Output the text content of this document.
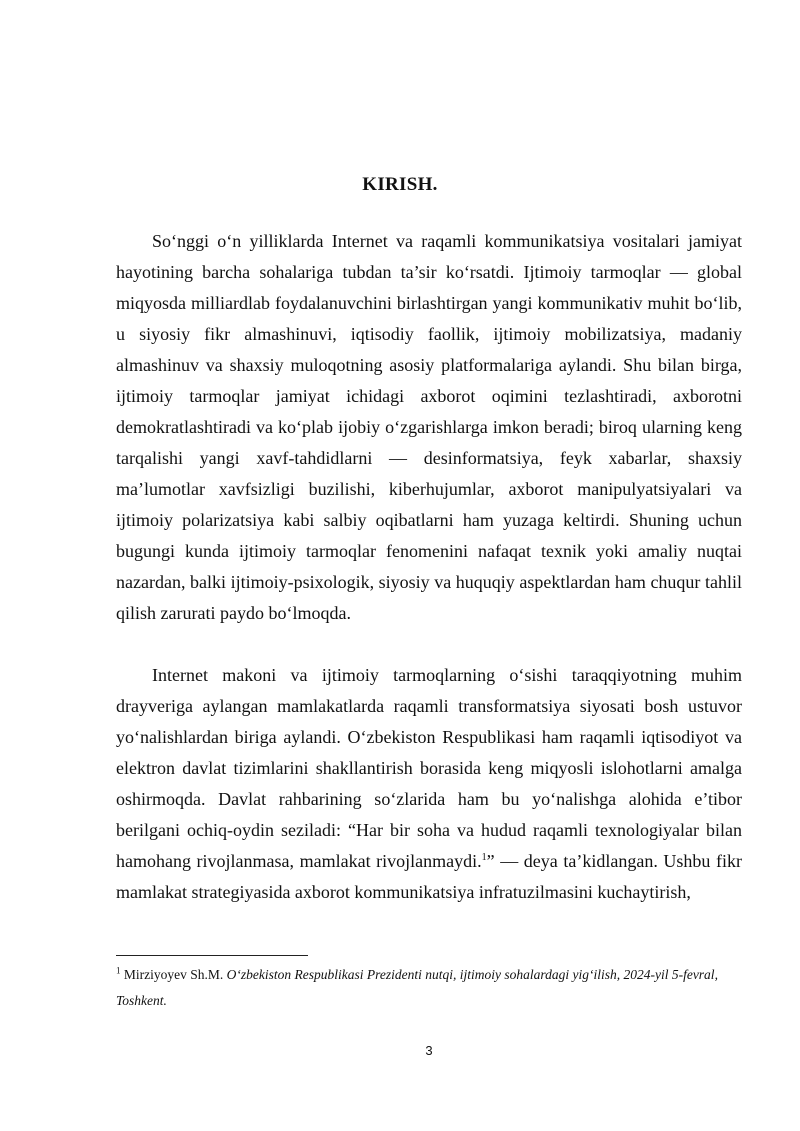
KIRISH.

So‘nggi o‘n yilliklarda Internet va raqamli kommunikatsiya vositalari jamiyat hayotining barcha sohalariga tubdan ta’sir ko‘rsatdi. Ijtimoiy tarmoqlar — global miqyosda milliardlab foydalanuvchini birlashtirgan yangi kommunikativ muhit bo‘lib, u siyosiy fikr almashinuvi, iqtisodiy faollik, ijtimoiy mobilizatsiya, madaniy almashinuv va shaxsiy muloqotning asosiy platformalariga aylandi. Shu bilan birga, ijtimoiy tarmoqlar jamiyat ichidagi axborot oqimini tezlashtiradi, axborotni demokratlashtiradi va ko‘plab ijobiy o‘zgarishlarga imkon beradi; biroq ularning keng tarqalishi yangi xavf-tahdidlarni — desinformatsiya, feyk xabarlar, shaxsiy ma’lumotlar xavfsizligi buzilishi, kiberhujumlar, axborot manipulyatsiyalari va ijtimoiy polarizatsiya kabi salbiy oqibatlarni ham yuzaga keltirdi. Shuning uchun bugungi kunda ijtimoiy tarmoqlar fenomenini nafaqat texnik yoki amaliy nuqtai nazardan, balki ijtimoiy-psixologik, siyosiy va huquqiy aspektlardan ham chuqur tahlil qilish zarurati paydo bo‘lmoqda.

Internet makoni va ijtimoiy tarmoqlarning o‘sishi taraqqiyotning muhim drayveriga aylangan mamlakatlarda raqamli transformatsiya siyosati bosh ustuvor yo‘nalishlardan biriga aylandi. O‘zbekiston Respublikasi ham raqamli iqtisodiyot va elektron davlat tizimlarini shakllantirish borasida keng miqyosli islohotlarni amalga oshirmoqda. Davlat rahbarining so‘zlarida ham bu yo‘nalishga alohida e’tibor berilgani ochiq-oydin seziladi: “Har bir soha va hudud raqamli texnologiyalar bilan hamohang rivojlanmasa, mamlakat rivojlanmaydi.$^1$” — deya ta’kidlangan. Ushbu fikr mamlakat strategiyasida axborot kommunikatsiya infratuzilmasini kuchaytirish,

$^1$ Mirziyoyev Sh.M. O‘zbekiston Respublikasi Prezidenti nutqi, ijtimoiy sohalardagi yig‘ilish, 2024-yil 5-fevral, Toshkent.

3
